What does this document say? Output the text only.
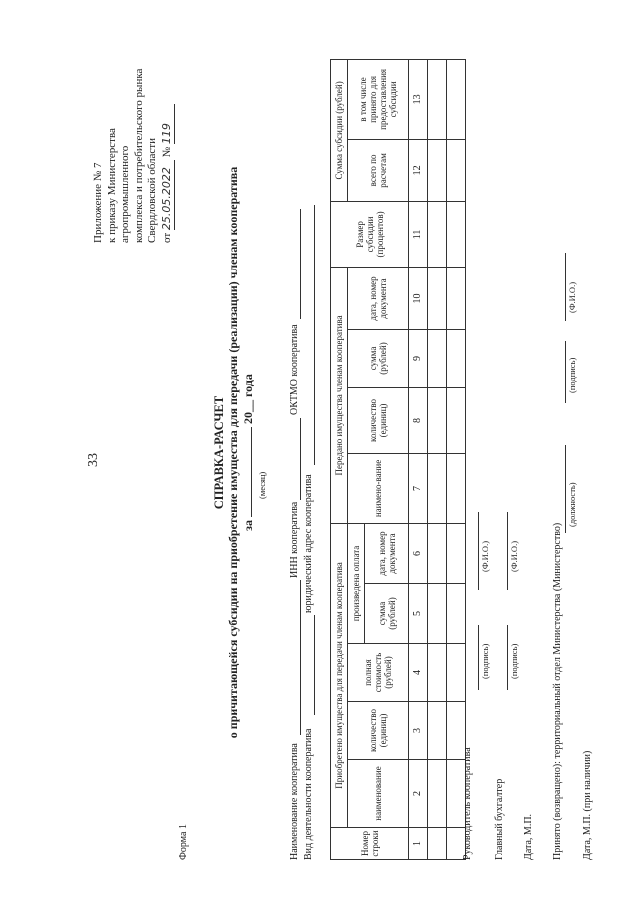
33
Приложение № 7 к приказу Министерства агропромышленного комплекса и потребительского рынка Свердловской области от 25.05.2022 № 119
Форма 1
СПРАВКА-РАСЧЕТ о причитающейся субсидии на приобретение имущества для передачи (реализации) членам кооператива за  20__ года
(месяц)
Наименование кооператива
ИНН кооператива
ОКТМО кооператива
Вид деятельности кооператива
юридический адрес кооператива
Номер строки	Приобретено имущества для передачи членам кооператива					Передано имущества членам кооператива				Размер субсидии (процентов)	Сумма субсидии (рублей)		
	наименование	количество (единиц)	полная стоимость (рублей)	произведена оплата		наимено-вание	количество (единиц)	сумма (рублей)	дата, номер документа		всего по расчетам	в том числе принято для предоставления субсидии	
				сумма (рублей)	дата, номер документа								
1	2	3	4	5	6	7	8	9	10	11	12	13	

Руководитель кооператива
(подпись)
(Ф.И.О.)
Главный бухгалтер
(подпись)
(Ф.И.О.)
Дата, М.П. Принято (возвращено): территориальный отдел Министерства (Министерство)
(должность)
(подпись)
(Ф.И.О.)
Дата, М.П. (при наличии)
